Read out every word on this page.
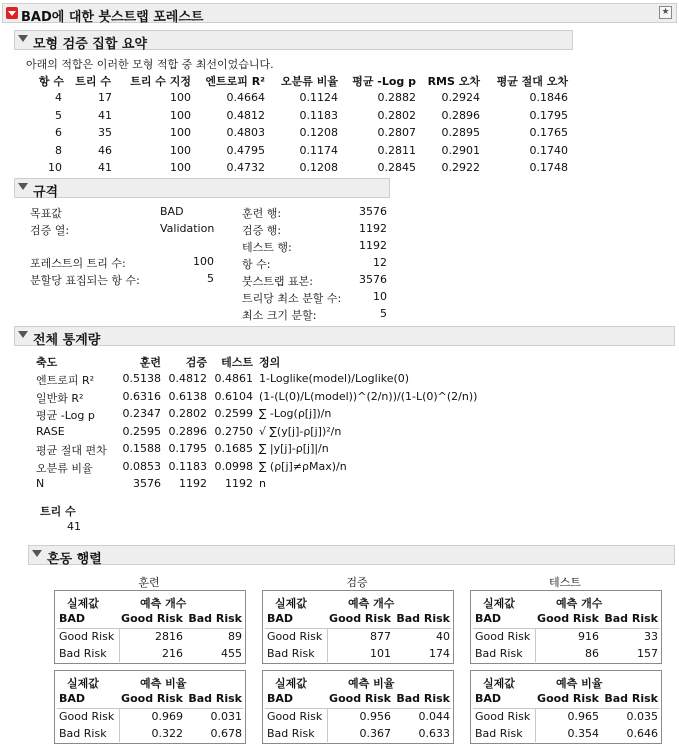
BAD에 대한 붓스트랩 포레스트	★
모형 검증 집합 요약
아래의 적합은 이러한 모형 적합 중 최선이었습니다.
항 수	트리 수	트리 수 지정	엔트로피 R²	오분류 비율	평균 -Log p	RMS 오차	평균 절대 오차
4	17	100	0.4664	0.1124	0.2882	0.2924	0.1846
5	41	100	0.4812	0.1183	0.2802	0.2896	0.1795
6	35	100	0.4803	0.1208	0.2807	0.2895	0.1765
8	46	100	0.4795	0.1174	0.2811	0.2901	0.1740
10	41	100	0.4732	0.1208	0.2845	0.2922	0.1748
규격
목표값	BAD
검증 열:	Validation
포레스트의 트리 수:	100
분할당 표집되는 항 수:	5
훈련 행:	3576
검증 행:	1192
테스트 행:	1192
항 수:	12
붓스트랩 표본:	3576
트리당 최소 분할 수:	10
최소 크기 분할:	5
전체 통계량
축도	훈련	검증	테스트 정의
엔트로피 R²	0.5138 0.4812 0.4861 1-Loglike(model)/Loglike(0)
일반화 R²	0.6316 0.6138 0.6104 (1-(L(0)/L(model))^(2/n))/(1-L(0)^(2/n))
평균 -Log p	0.2347 0.2802 0.2599 ∑ -Log(ρ[j])/n
RASE	0.2595 0.2896 0.2750 √ ∑(y[j]-ρ[j])²/n
평균 절대 편차	0.1588 0.1795 0.1685 ∑ |y[j]-ρ[j]|/n
오분류 비율	0.0853 0.1183 0.0998 ∑ (ρ[j]≠ρMax)/n
N	3576	1192	1192 n
트리 수
41
혼동 행렬
훈련
실제값	예측 개수
BAD	Good Risk Bad Risk
Good Risk	2816	89
Bad Risk	216	455
실제값	예측 비율
BAD	Good Risk Bad Risk
Good Risk	0.969	0.031
Bad Risk	0.322	0.678
검증
실제값	예측 개수
BAD	Good Risk Bad Risk
Good Risk	877	40
Bad Risk	101	174
실제값	예측 비율
BAD	Good Risk Bad Risk
Good Risk	0.956	0.044
Bad Risk	0.367	0.633
테스트
실제값	예측 개수
BAD	Good Risk Bad Risk
Good Risk	916	33
Bad Risk	86	157
실제값	예측 비율
BAD	Good Risk Bad Risk
Good Risk	0.965	0.035
Bad Risk	0.354	0.646
